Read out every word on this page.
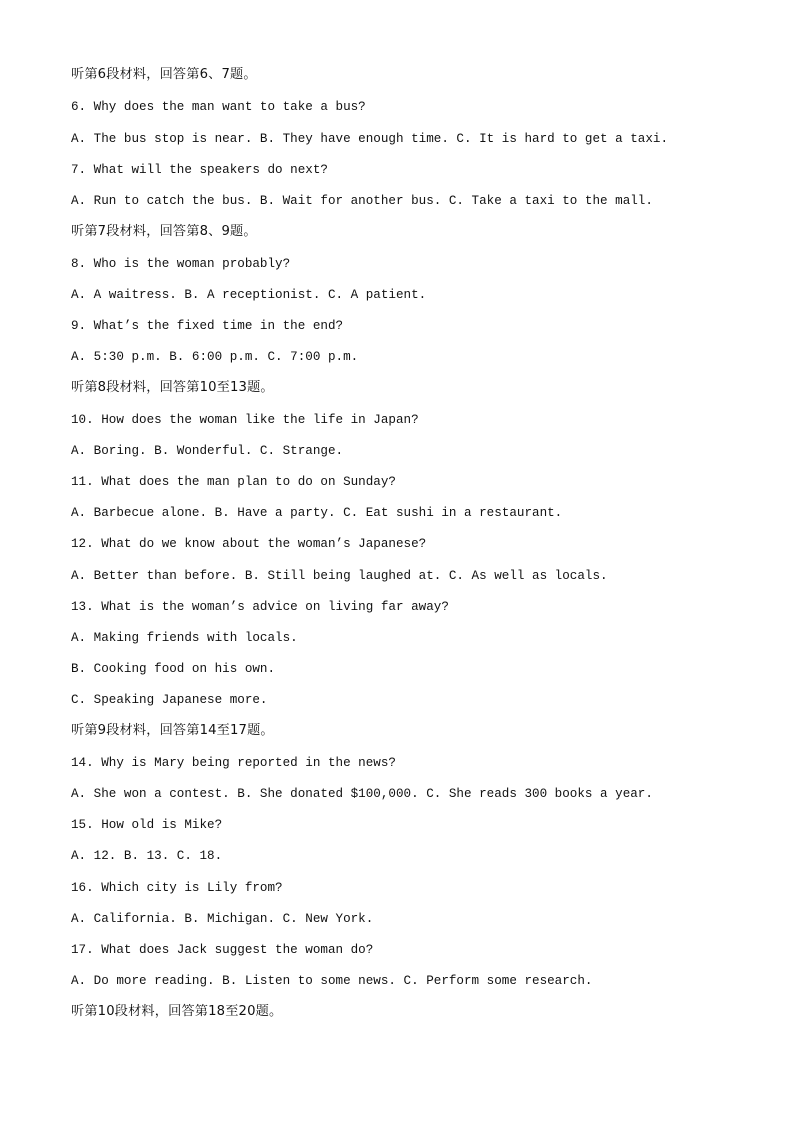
听第6段材料，回答第6、7题。
6. Why does the man want to take a bus?
A. The bus stop is near. B. They have enough time. C. It is hard to get a taxi.
7. What will the speakers do next?
A. Run to catch the bus. B. Wait for another bus. C. Take a taxi to the mall.
听第7段材料，回答第8、9题。
8. Who is the woman probably?
A. A waitress. B. A receptionist. C. A patient.
9. What’s the fixed time in the end?
A. 5:30 p.m. B. 6:00 p.m. C. 7:00 p.m.
听第8段材料，回答第10至13题。
10. How does the woman like the life in Japan?
A. Boring. B. Wonderful. C. Strange.
11. What does the man plan to do on Sunday?
A. Barbecue alone. B. Have a party. C. Eat sushi in a restaurant.
12. What do we know about the woman’s Japanese?
A. Better than before. B. Still being laughed at. C. As well as locals.
13. What is the woman’s advice on living far away?
A. Making friends with locals.
B. Cooking food on his own.
C. Speaking Japanese more.
听第9段材料，回答第14至17题。
14. Why is Mary being reported in the news?
A. She won a contest. B. She donated $100,000. C. She reads 300 books a year.
15. How old is Mike?
A. 12. B. 13. C. 18.
16. Which city is Lily from?
A. California. B. Michigan. C. New York.
17. What does Jack suggest the woman do?
A. Do more reading. B. Listen to some news. C. Perform some research.
听第10段材料，回答第18至20题。
